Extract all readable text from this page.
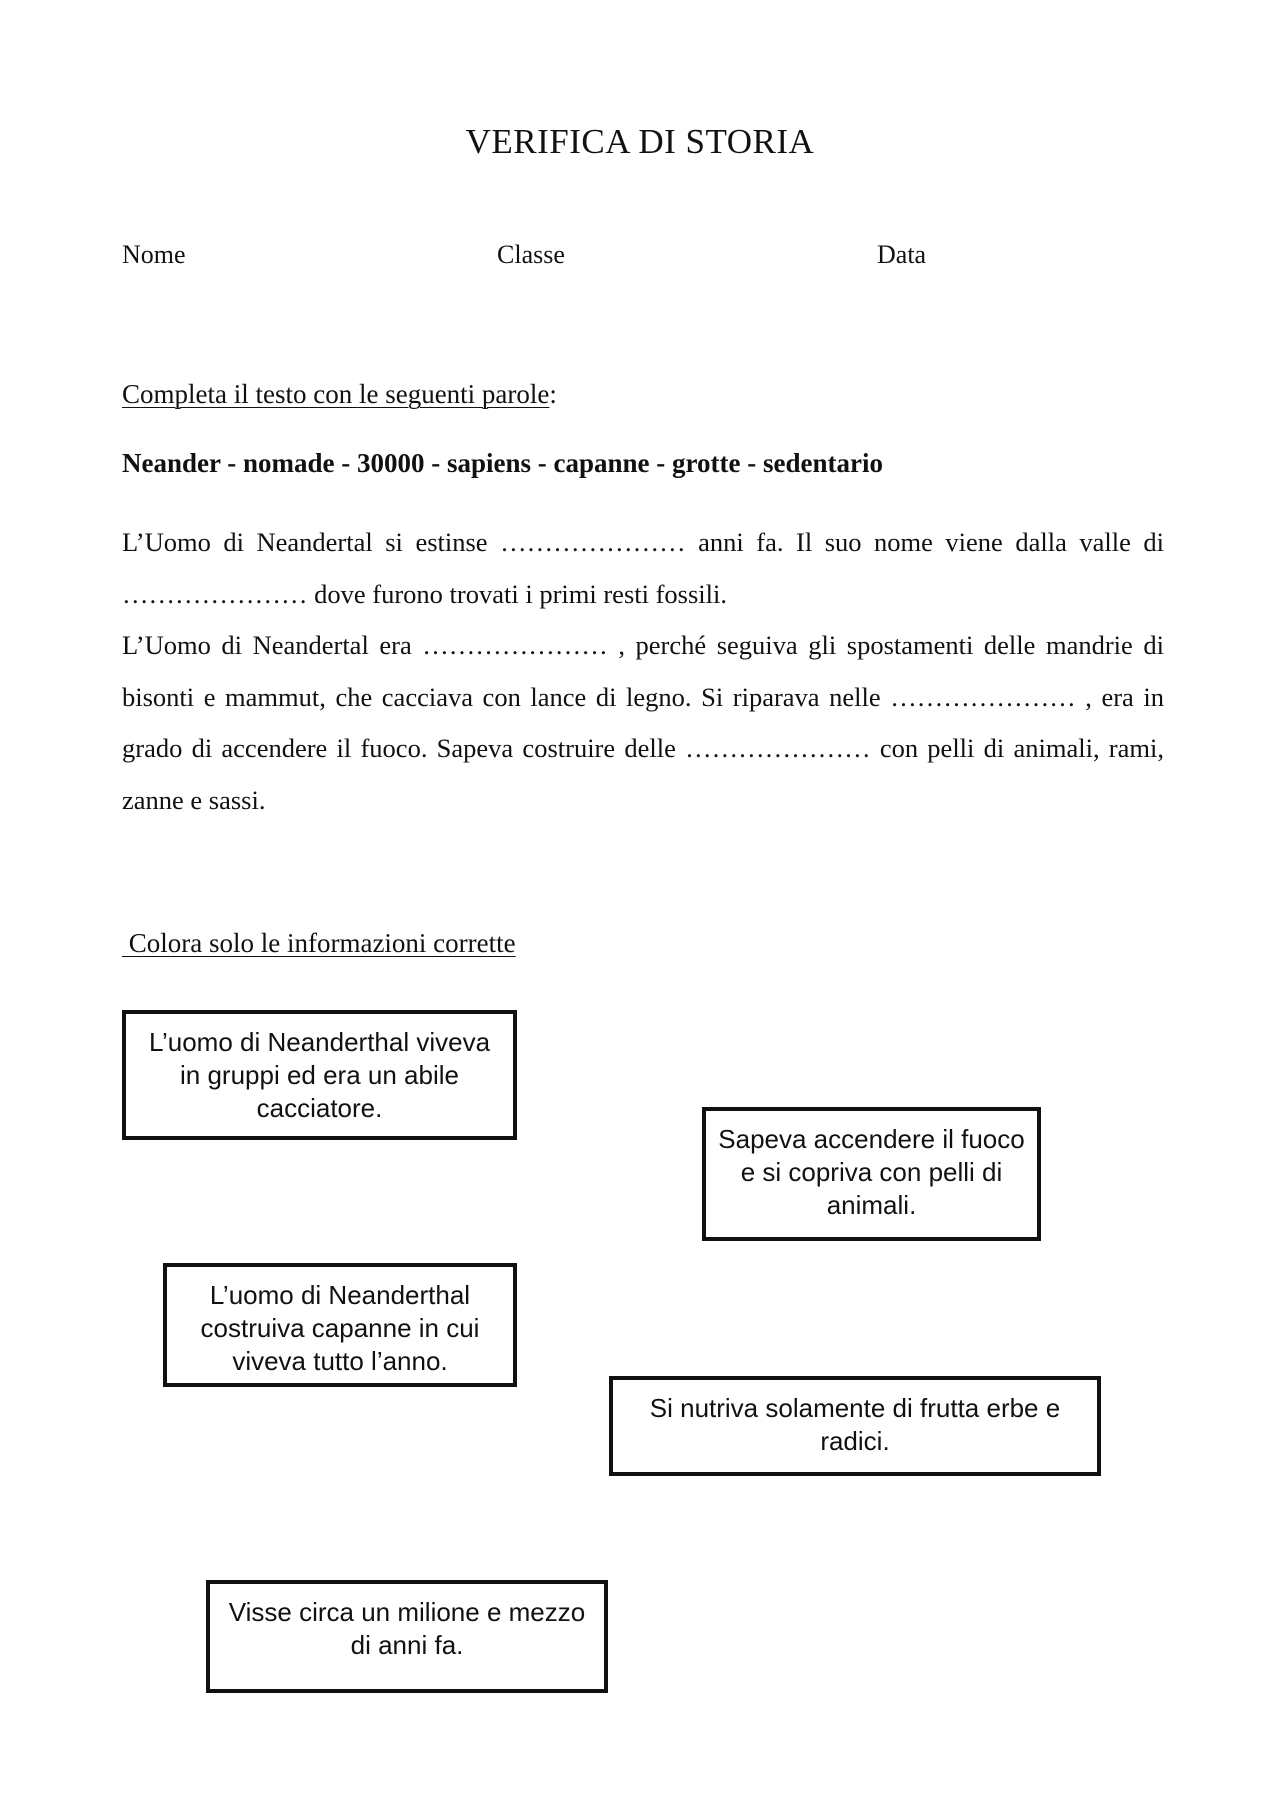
VERIFICA DI STORIA
Nome	Classe	Data
Completa il testo con le seguenti parole:
Neander - nomade - 30000 - sapiens - capanne - grotte - sedentario

L’Uomo di Neandertal si estinse ………………… anni fa. Il suo nome viene dalla valle di ………………… dove furono trovati i primi resti fossili.

L’Uomo di Neandertal era ………………… , perché seguiva gli spostamenti delle mandrie di bisonti e mammut, che cacciava con lance di legno. Si riparava nelle ………………… , era in grado di accendere il fuoco. Sapeva costruire delle ………………… con pelli di animali, rami, zanne e sassi.

Colora solo le informazioni corrette
L’uomo di Neanderthal viveva in gruppi ed era un abile cacciatore.
Sapeva accendere il fuoco e si copriva con pelli di animali.
L’uomo di Neanderthal costruiva capanne in cui viveva tutto l’anno.
Si nutriva solamente di frutta erbe e radici.
Visse circa un milione e mezzo di anni fa.
